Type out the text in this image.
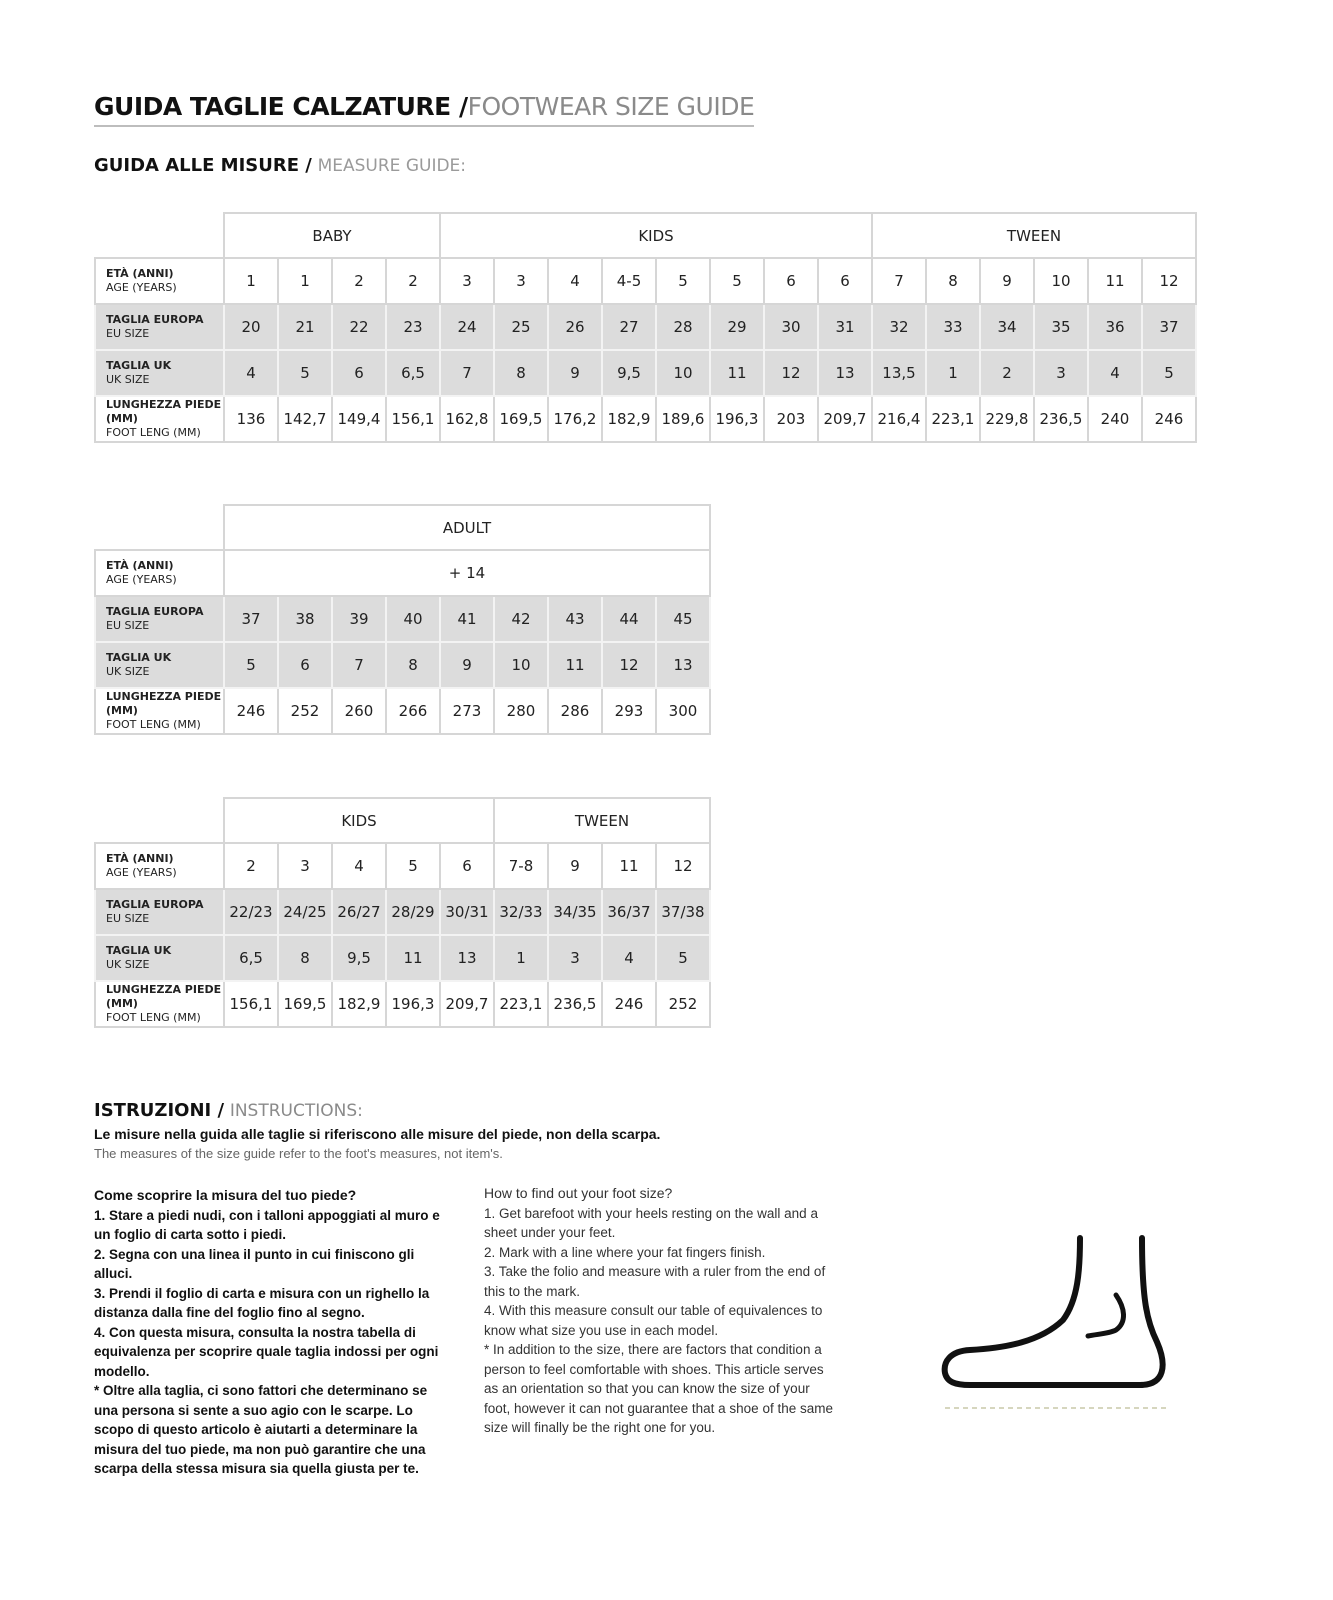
GUIDA TAGLIE CALZATURE /FOOTWEAR SIZE GUIDE
GUIDA ALLE MISURE / MEASURE GUIDE:
	BABY				KIDS								TWEEN					

ETÀ (ANNI)
AGE (YEARS)	1	1	2	2	3	3	4	4-5	5	5	6	6	7	8	9	10	11	12

TAGLIA EUROPA
EU SIZE	20	21	22	23	24	25	26	27	28	29	30	31	32	33	34	35	36	37

TAGLIA UK
UK SIZE	4	5	6	6,5	7	8	9	9,5	10	11	12	13	13,5	1	2	3	4	5

LUNGHEZZA PIEDE (MM)
FOOT LENG (MM)	136	142,7	149,4	156,1	162,8	169,5	176,2	182,9	189,6	196,3	203	209,7	216,4	223,1	229,8	236,5	240	246
	ADULT								

ETÀ (ANNI)
AGE (YEARS)	+ 14								

TAGLIA EUROPA
EU SIZE	37	38	39	40	41	42	43	44	45

TAGLIA UK
UK SIZE	5	6	7	8	9	10	11	12	13

LUNGHEZZA PIEDE (MM)
FOOT LENG (MM)	246	252	260	266	273	280	286	293	300
	KIDS					TWEEN			

ETÀ (ANNI)
AGE (YEARS)	2	3	4	5	6	7-8	9	11	12

TAGLIA EUROPA
EU SIZE	22/23	24/25	26/27	28/29	30/31	32/33	34/35	36/37	37/38

TAGLIA UK
UK SIZE	6,5	8	9,5	11	13	1	3	4	5

LUNGHEZZA PIEDE (MM)
FOOT LENG (MM)	156,1	169,5	182,9	196,3	209,7	223,1	236,5	246	252
ISTRUZIONI / INSTRUCTIONS:
Le misure nella guida alle taglie si riferiscono alle misure del piede, non della scarpa.
The measures of the size guide refer to the foot's measures, not item's.

Come scoprire la misura del tuo piede?

1. Stare a piedi nudi, con i talloni appoggiati al muro e un foglio di carta sotto i piedi.

2. Segna con una linea il punto in cui finiscono gli alluci.

3. Prendi il foglio di carta e misura con un righello la distanza dalla fine del foglio fino al segno.

4. Con questa misura, consulta la nostra tabella di equivalenza per scoprire quale taglia indossi per ogni modello.

* Oltre alla taglia, ci sono fattori che determinano se una persona si sente a suo agio con le scarpe. Lo scopo di questo articolo è aiutarti a determinare la misura del tuo piede, ma non può garantire che una scarpa della stessa misura sia quella giusta per te.

How to find out your foot size?

1. Get barefoot with your heels resting on the wall and a sheet under your feet.

2. Mark with a line where your fat fingers finish.

3. Take the folio and measure with a ruler from the end of this to the mark.

4. With this measure consult our table of equivalences to know what size you use in each model.

* In addition to the size, there are factors that condition a person to feel comfortable with shoes. This article serves as an orientation so that you can know the size of your foot, however it can not guarantee that a shoe of the same size will finally be the right one for you.
